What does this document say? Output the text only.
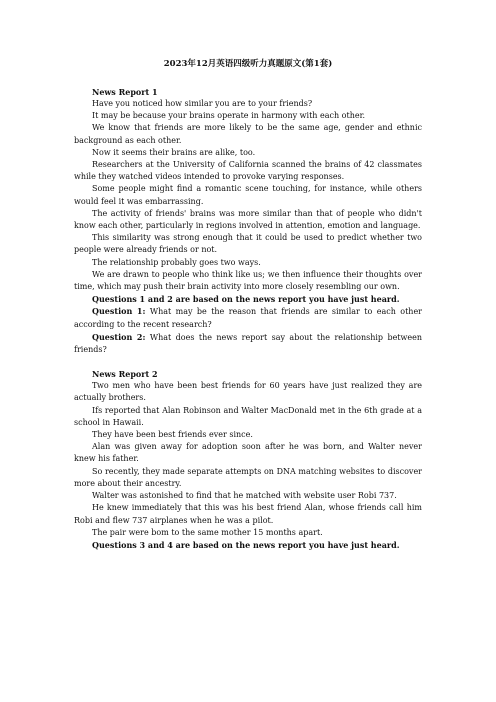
2023年12月英语四级听力真题原文(第1套)

News Report 1

Have you noticed how similar you are to your friends?

It may be because your brains operate in harmony with each other.

We know that friends are more likely to be the same age, gender and ethnic background as each other.

Now it seems their brains are alike, too.

Researchers at the University of California scanned the brains of 42 classmates while they watched videos intended to provoke varying responses.

Some people might find a romantic scene touching, for instance, while others would feel it was embarrassing.

The activity of friends' brains was more similar than that of people who didn't know each other, particularly in regions involved in attention, emotion and language.

This similarity was strong enough that it could be used to predict whether two people were already friends or not.

The relationship probably goes two ways.

We are drawn to people who think like us; we then influence their thoughts over time, which may push their brain activity into more closely resembling our own.

Questions 1 and 2 are based on the news report you have just heard.

Question 1: What may be the reason that friends are similar to each other according to the recent research?

Question 2: What does the news report say about the relationship between friends?

News Report 2

Two men who have been best friends for 60 years have just realized they are actually brothers.

Ifs reported that Alan Robinson and Walter MacDonald met in the 6th grade at a school in Hawaii.

They have been best friends ever since.

Alan was given away for adoption soon after he was born, and Walter never knew his father.

So recently, they made separate attempts on DNA matching websites to discover more about their ancestry.

Walter was astonished to find that he matched with website user Robi 737.

He knew immediately that this was his best friend Alan, whose friends call him Robi and flew 737 airplanes when he was a pilot.

The pair were bom to the same mother 15 months apart.

Questions 3 and 4 are based on the news report you have just heard.
